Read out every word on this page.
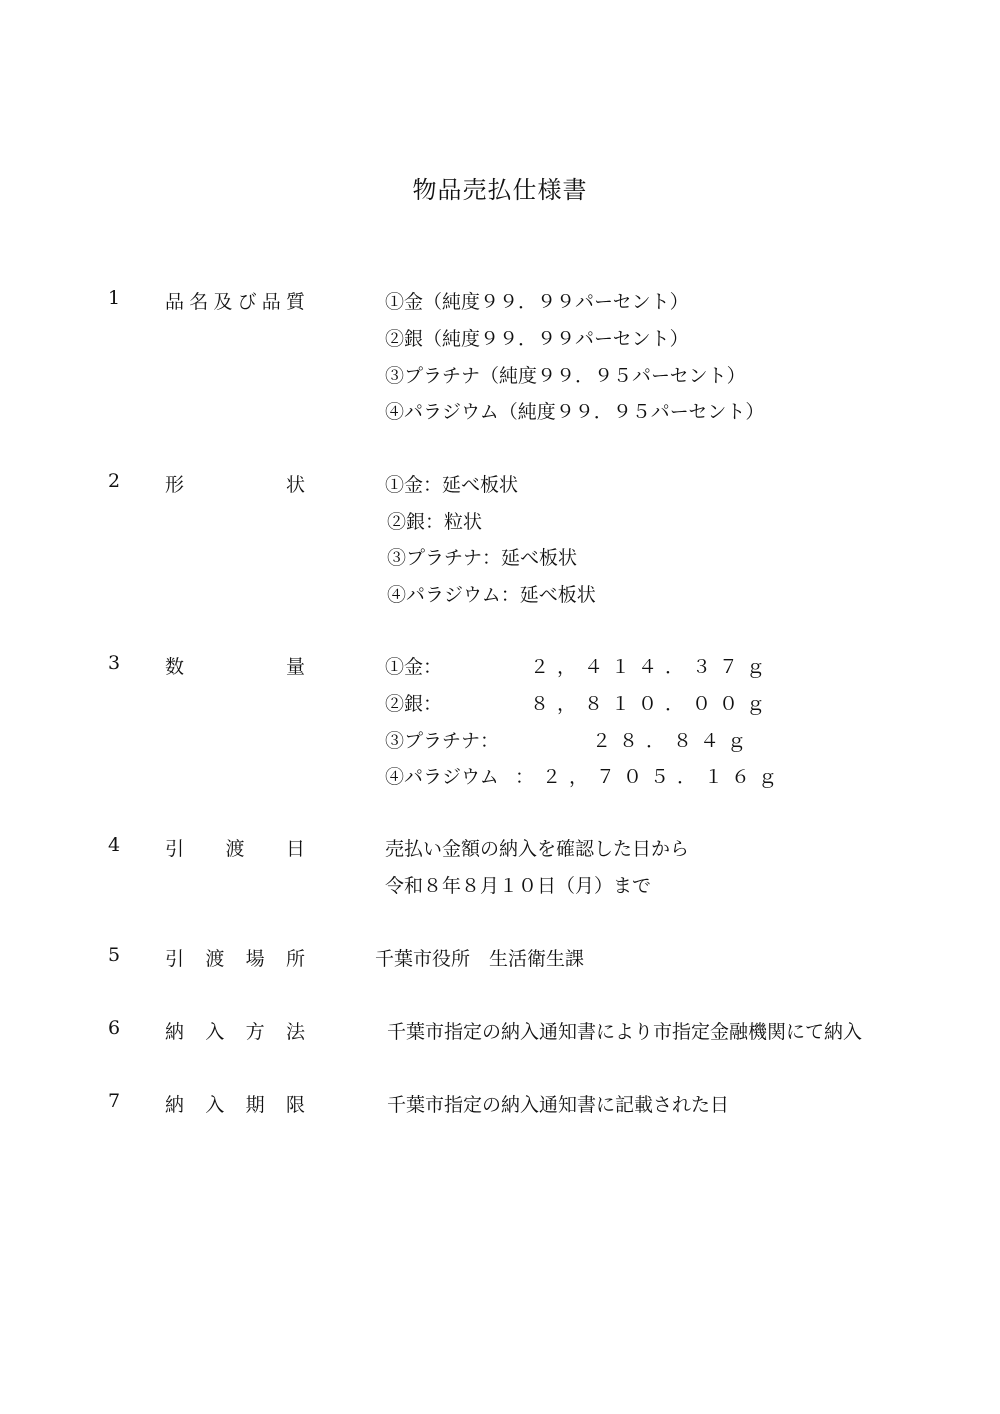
物品売払仕様書
1 品 名 及 び 品 質	①金（純度９９．９９パーセント）
②銀（純度９９．９９パーセント）
③プラチナ（純度９９．９５パーセント）
④パラジウム（純度９９．９５パーセント）
2 形	状	①金：延べ板状
②銀：粒状
③プラチナ：延べ板状
④パラジウム：延べ板状
3 数	量	①金：	２，４１４．３７ｇ
②銀：	８，８１０．００ｇ
③プラチナ：	２８．８４ｇ
④パラジウム ：２，７０５．１６ｇ
4 引 渡 日	売払い金額の納入を確認した日から
令和８年８月１０日（月）まで
5 引 渡 場 所	千葉市役所　生活衛生課
6 納 入 方 法	千葉市指定の納入通知書により市指定金融機関にて納入
7 納 入 期 限	千葉市指定の納入通知書に記載された日
